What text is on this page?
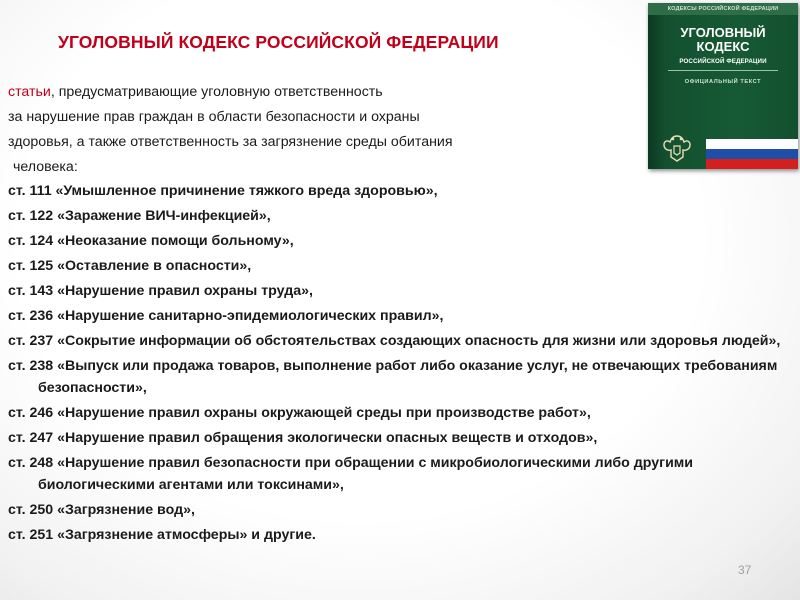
УГОЛОВНЫЙ КОДЕКС РОССИЙСКОЙ ФЕДЕРАЦИИ
КОДЕКСЫ РОССИЙСКОЙ ФЕДЕРАЦИИ
УГОЛОВНЫЙ
КОДЕКС
РОССИЙСКОЙ ФЕДЕРАЦИИ
ОФИЦИАЛЬНЫЙ ТЕКСТ
статьи, предусматривающие уголовную ответственность
за нарушение прав граждан в области безопасности и охраны
здоровья, а также ответственность за загрязнение среды обитания
человека:
ст. 111 «Умышленное причинение тяжкого вреда здоровью»,
ст. 122 «Заражение ВИЧ-инфекцией»,
ст. 124 «Неоказание помощи больному»,
ст. 125 «Оставление в опасности»,
ст. 143 «Нарушение правил охраны труда»,
ст. 236 «Нарушение санитарно-эпидемиологических правил»,
ст. 237 «Сокрытие информации об обстоятельствах создающих опасность для жизни или здоровья людей»,
ст. 238 «Выпуск или продажа товаров, выполнение работ либо оказание услуг, не отвечающих требованиям безопасности»,
ст. 246 «Нарушение правил охраны окружающей среды при производстве работ»,
ст. 247 «Нарушение правил обращения экологически опасных веществ и отходов»,
ст. 248 «Нарушение правил безопасности при обращении с микробиологическими либо другими биологическими агентами или токсинами»,
ст. 250 «Загрязнение вод»,
ст. 251 «Загрязнение атмосферы» и другие.
37
